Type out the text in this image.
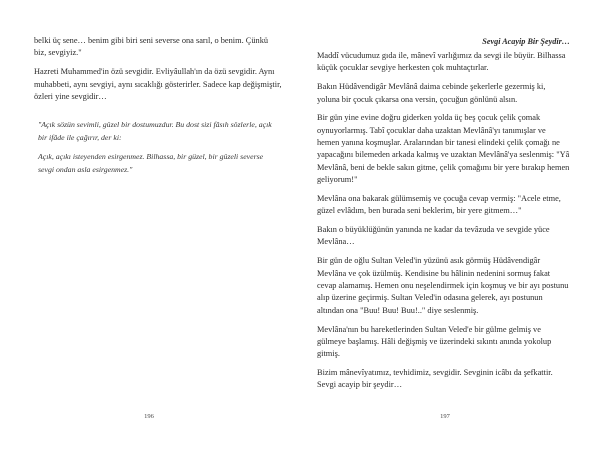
belki üç sene… benim gibi biri seni severse ona sarıl, o benim. Çünkü biz, sevgiyiz."

Hazreti Muhammed'in özü sevgidir. Evliyâullah'ın da özü sevgidir. Aynı muhabbeti, aynı sevgiyi, aynı sıcaklığı gösterirler. Sadece kap değişmiştir, özleri yine sevgidir…

"Açık sözün sevimli, güzel bir dostumuzdur. Bu dost sizi fâsıh sözlerle, açık bir ifâde ile çağırır, der ki:

Açık, açıkı isteyenden esirgenmez. Bilhassa, bir güzel, bir güzeli severse sevgi ondan asla esirgenmez."

196
Sevgi Acayip Bir Şeydir…

Maddî vücudumuz gıda ile, mânevî varlığımız da sevgi ile büyür. Bilhassa küçük çocuklar sevgiye herkesten çok muhtaçtırlar.

Bakın Hüdâvendigâr Mevlânâ daima cebinde şekerlerle gezermiş ki, yoluna bir çocuk çıkarsa ona versin, çocuğun gönlünü alsın.

Bir gün yine evine doğru giderken yolda üç beş çocuk çelik çomak oynuyorlarmış. Tabî çocuklar daha uzaktan Mevlânâ'yı tanımışlar ve hemen yanına koşmuşlar. Aralarından bir tanesi elindeki çelik çomağı ne yapacağını bilemeden arkada kalmış ve uzaktan Mevlânâ'ya seslenmiş: "Yâ Mevlânâ, beni de bekle sakın gitme, çelik çomağımı bir yere bırakıp hemen geliyorum!"

Mevlâna ona bakarak gülümsemiş ve çocuğa cevap vermiş: "Acele etme, güzel evlâdım, ben burada seni beklerim, bir yere gitmem…"

Bakın o büyüklüğünün yanında ne kadar da tevâzuda ve sevgide yüce Mevlâna…

Bir gün de oğlu Sultan Veled'in yüzünü asık görmüş Hüdâvendigâr Mevlâna ve çok üzülmüş. Kendisine bu hâlinin nedenini sormuş fakat cevap alamamış. Hemen onu neşelendirmek için koşmuş ve bir ayı postunu alıp üzerine geçirmiş. Sultan Veled'in odasına gelerek, ayı postunun altından ona "Buu! Buu! Buu!.." diye seslenmiş.

Mevlâna'nın bu hareketlerinden Sultan Veled'e bir gülme gelmiş ve gülmeye başlamış. Hâli değişmiş ve üzerindeki sıkıntı anında yokolup gitmiş.

Bizim mânevîyatımız, tevhidimiz, sevgidir. Sevginin icâbı da şefkattir. Sevgi acayip bir şeydir…

197
